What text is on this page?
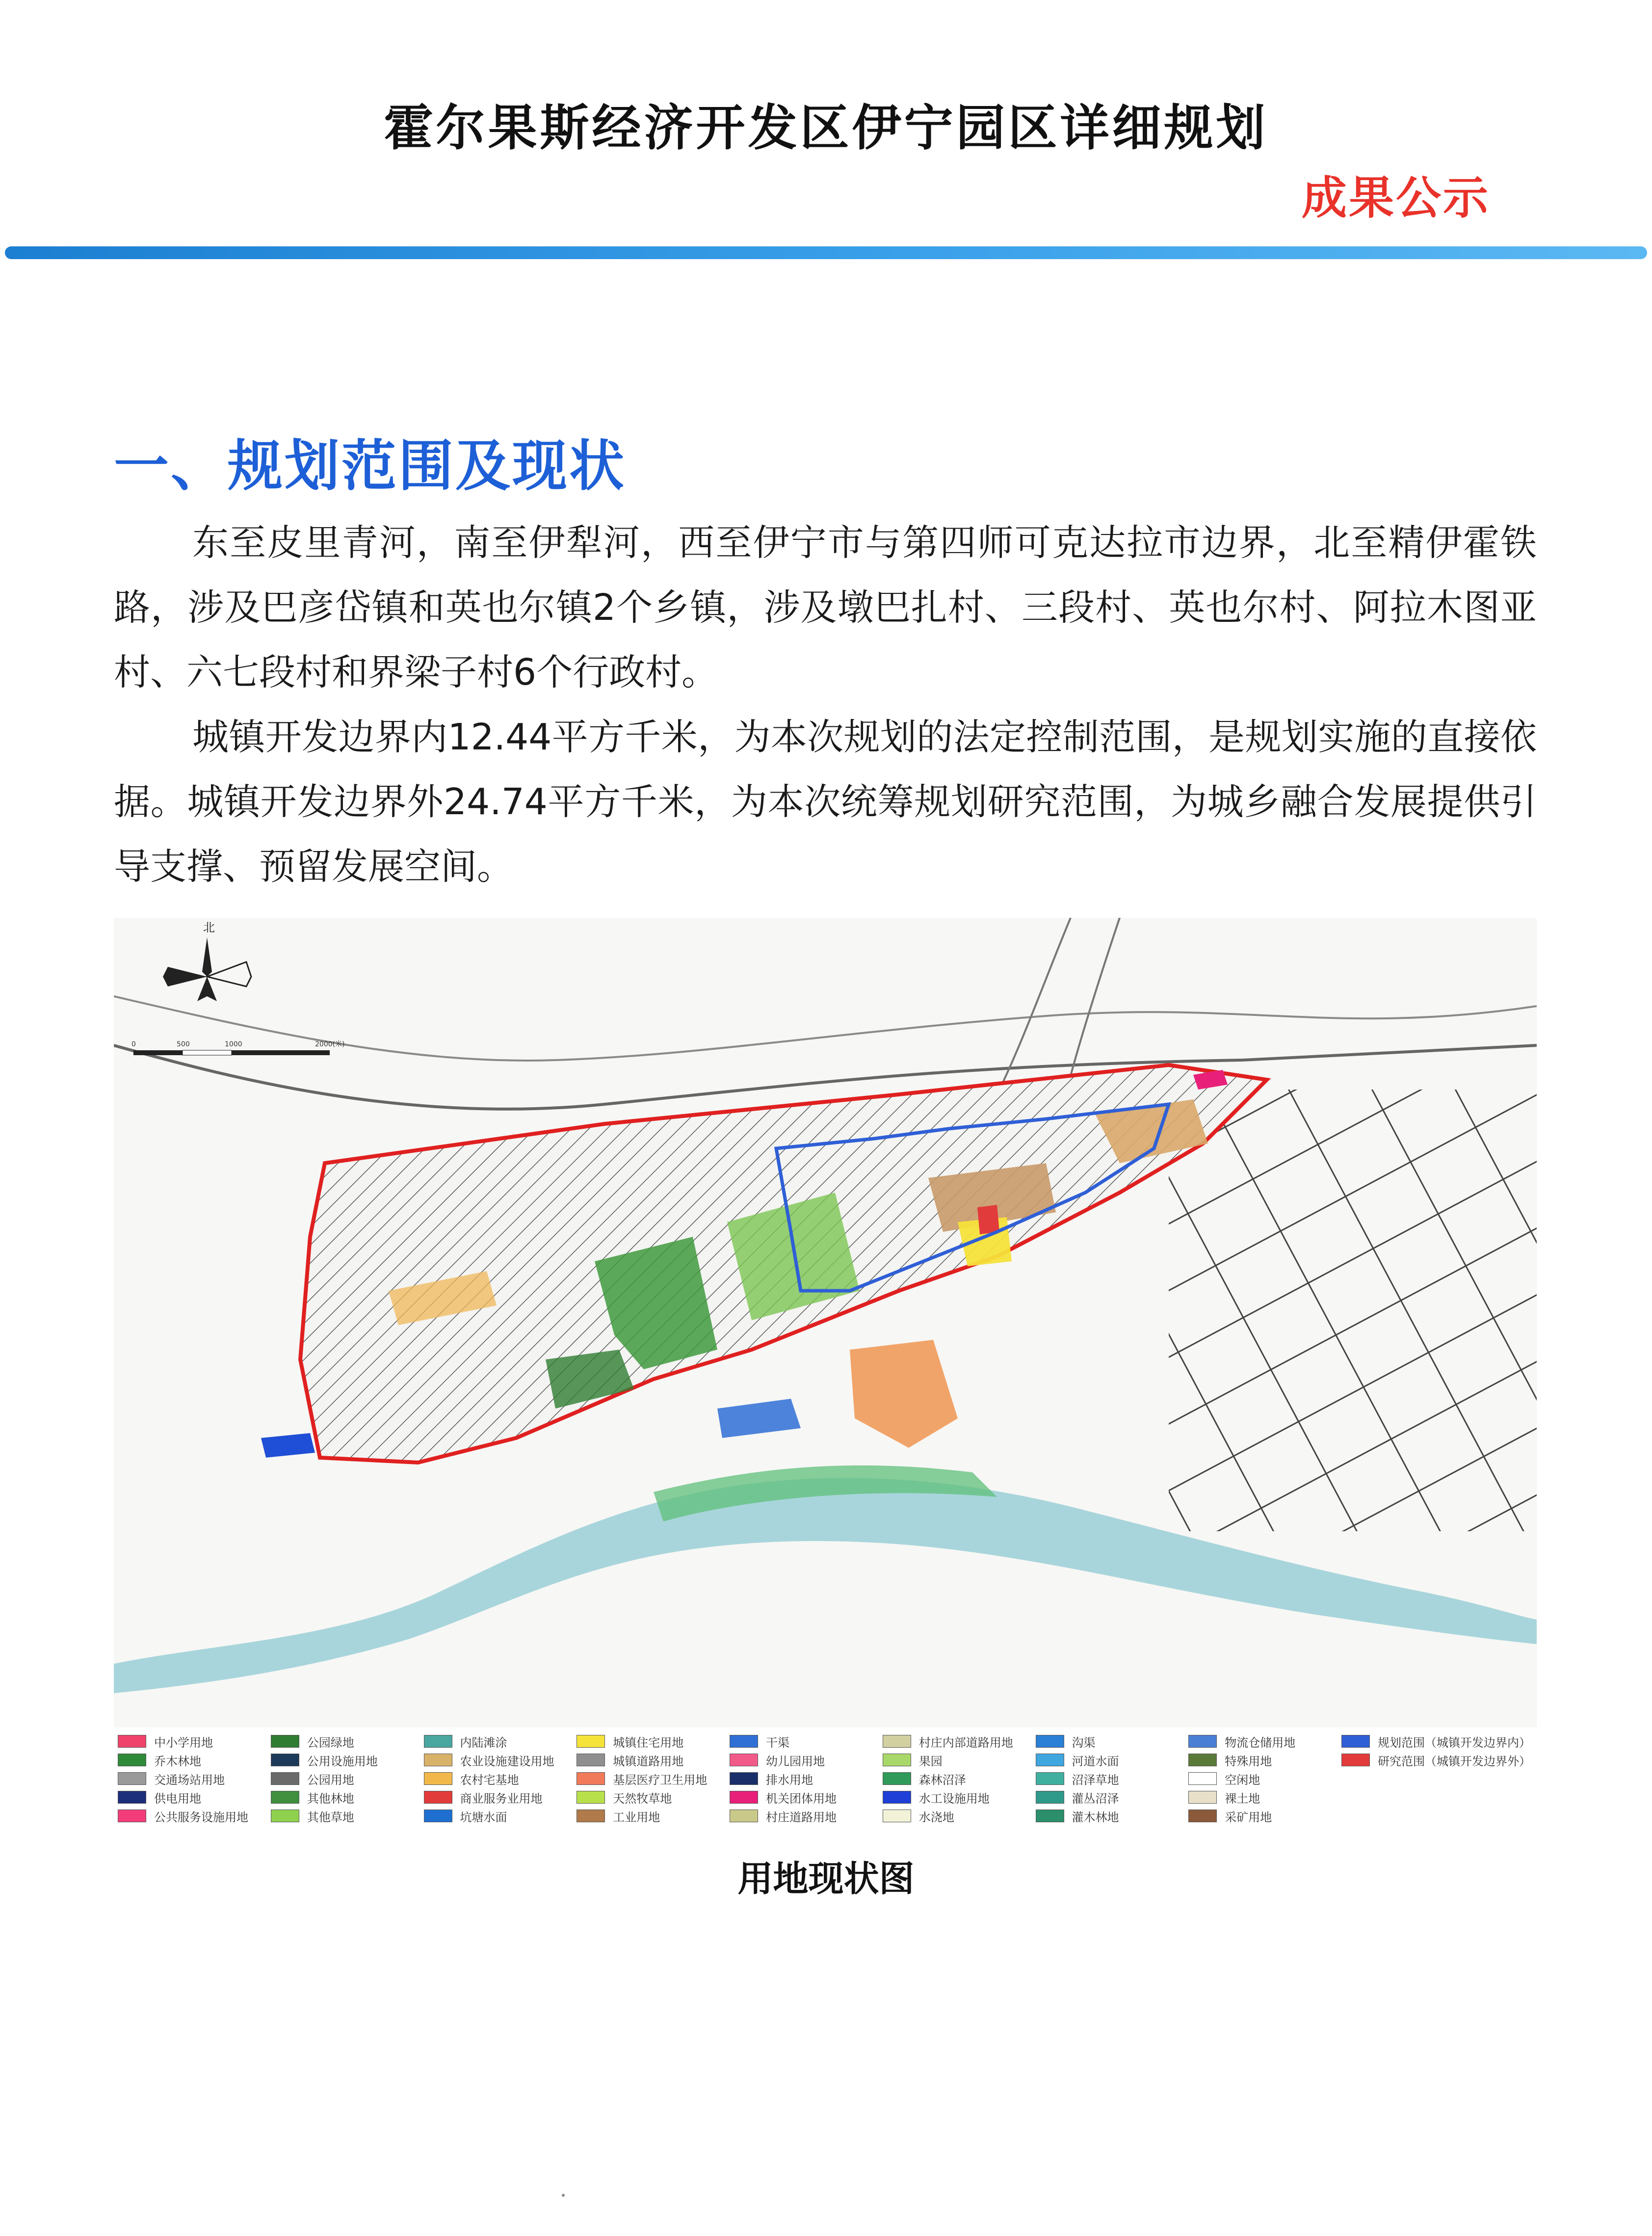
霍尔果斯经济开发区伊宁园区详细规划
成果公示
一、规划范围及现状

东至皮里青河，南至伊犁河，西至伊宁市与第四师可克达拉市边界，北至精伊霍铁路，涉及巴彦岱镇和英也尔镇2个乡镇，涉及墩巴扎村、三段村、英也尔村、阿拉木图亚村、六七段村和界梁子村6个行政村。

城镇开发边界内12.44平方千米，为本次规划的法定控制范围，是规划实施的直接依据。城镇开发边界外24.74平方千米，为本次统筹规划研究范围，为城乡融合发展提供引导支撑、预留发展空间。

北
0	500	1000	2000(米)
中小学用地
乔木林地
交通场站用地
供电用地
公共服务设施用地
公园绿地
公用设施用地
公园用地
其他林地
其他草地
内陆滩涂
农业设施建设用地
农村宅基地
商业服务业用地
坑塘水面
城镇住宅用地
城镇道路用地
基层医疗卫生用地
天然牧草地
工业用地
干渠
幼儿园用地
排水用地
机关团体用地
村庄道路用地
村庄内部道路用地
果园
森林沼泽
水工设施用地
水浇地
沟渠
河道水面
沼泽草地
灌丛沼泽
灌木林地
物流仓储用地
特殊用地
空闲地
裸土地
采矿用地
规划范围（城镇开发边界内）
研究范围（城镇开发边界外）
用地现状图
